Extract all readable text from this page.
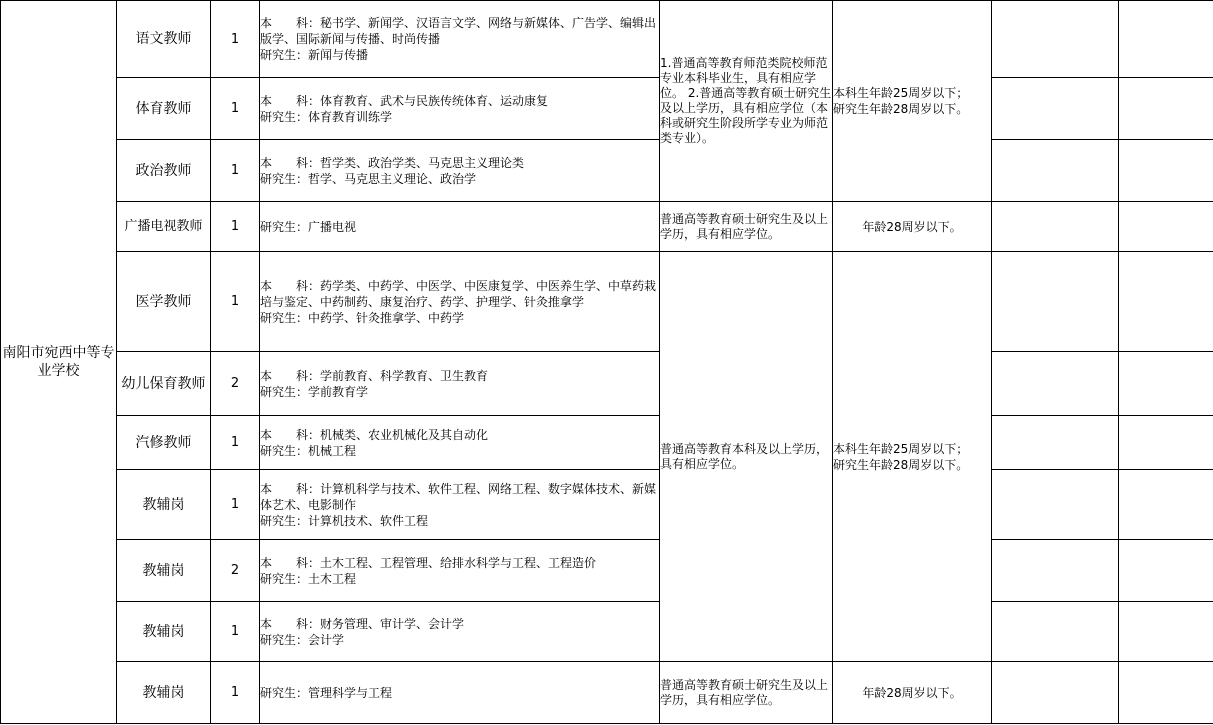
南阳市宛西中等专业学校	语文教师	1	本　　科：秘书学、新闻学、汉语言文学、网络与新媒体、广告学、编辑出版学、国际新闻与传播、时尚传播
研究生：新闻与传播	1.普通高等教育师范类院校师范专业本科毕业生，具有相应学位。 2.普通高等教育硕士研究生及以上学历，具有相应学位（本科或研究生阶段所学专业为师范类专业）。	本科生年龄25周岁以下；
研究生年龄28周岁以下。		

	体育教师	1	本　　科：体育教育、武术与民族传统体育、运动康复
研究生：体育教育训练学				

	政治教师	1	本　　科：哲学类、政治学类、马克思主义理论类
研究生：哲学、马克思主义理论、政治学				

	广播电视教师	1	研究生：广播电视	普通高等教育硕士研究生及以上学历，具有相应学位。	年龄28周岁以下。		
	医学教师	1	本　　科：药学类、中药学、中医学、中医康复学、中医养生学、中草药栽培与鉴定、中药制药、康复治疗、药学、护理学、针灸推拿学
研究生：中药学、针灸推拿学、中药学	普通高等教育本科及以上学历，具有相应学位。	本科生年龄25周岁以下；
研究生年龄28周岁以下。		

	幼儿保育教师	2	本　　科：学前教育、科学教育、卫生教育
研究生：学前教育学				

	汽修教师	1	本　　科：机械类、农业机械化及其自动化
研究生：机械工程				

	教辅岗	1	本　　科：计算机科学与技术、软件工程、网络工程、数字媒体技术、新媒体艺术、电影制作
研究生：计算机技术、软件工程				

	教辅岗	2	本　　科：土木工程、工程管理、给排水科学与工程、工程造价
研究生：土木工程				

	教辅岗	1	本　　科：财务管理、审计学、会计学
研究生：会计学				

	教辅岗	1	研究生：管理科学与工程	普通高等教育硕士研究生及以上学历，具有相应学位。	年龄28周岁以下。		
